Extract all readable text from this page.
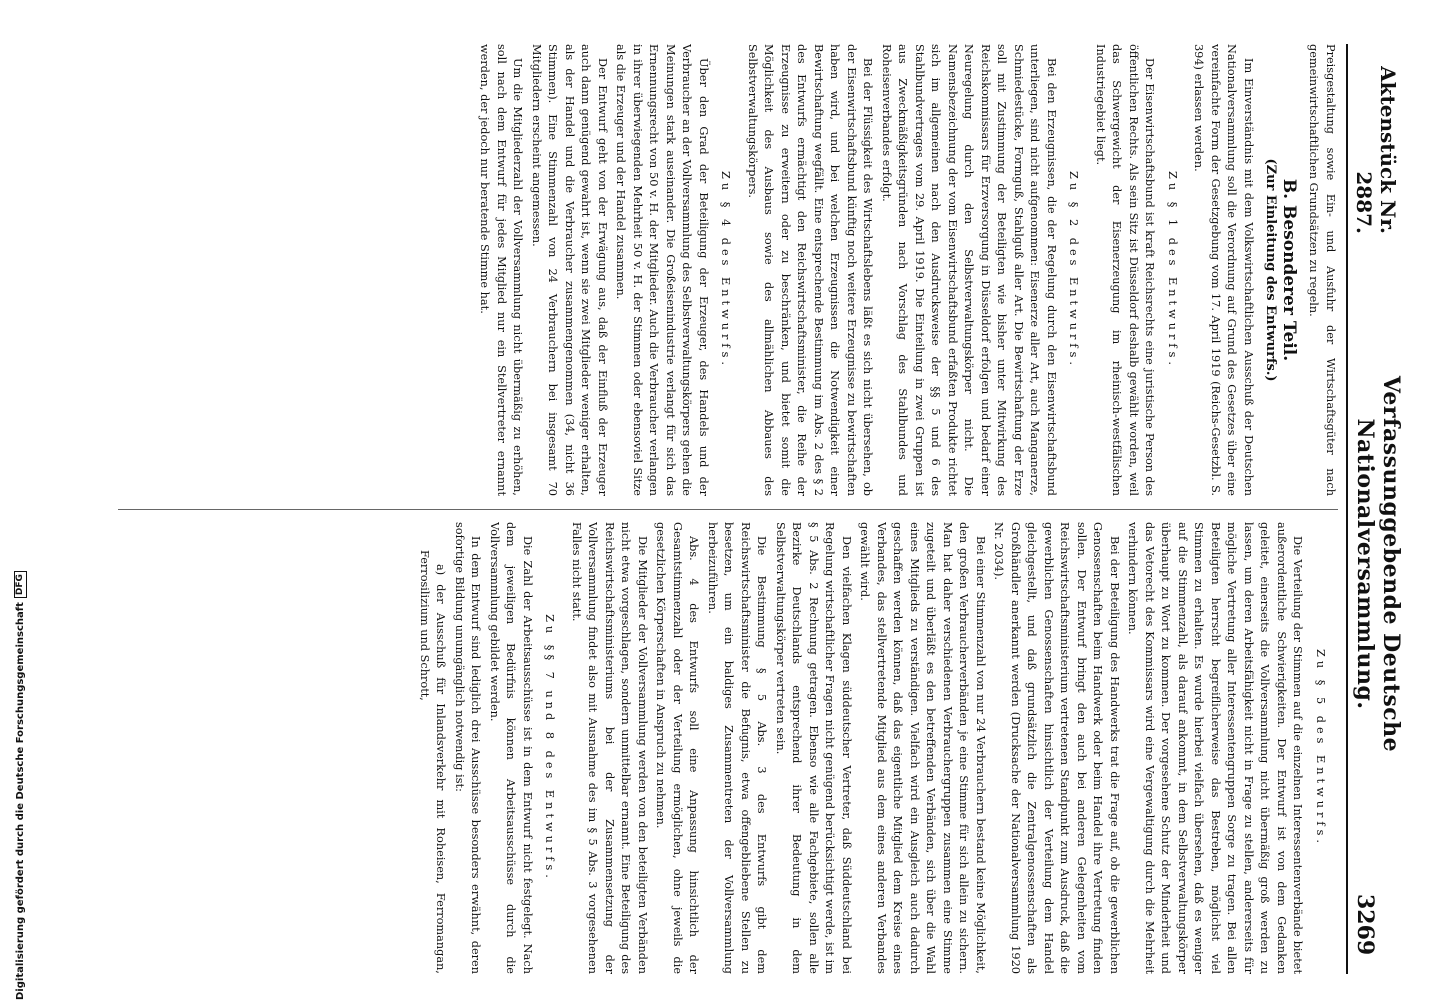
Aktenstück Nr. 2887.
Verfassunggebende Deutsche Nationalversammlung.
3269

Preisgestaltung sowie Ein- und Ausfuhr der Wirtschaftsgüter nach gemeinwirtschaftlichen Grundsätzen zu regeln.

B. Besonderer Teil.
(Zur Einleitung des Entwurfs.)

Im Einverständnis mit dem Volkswirtschaftlichen Ausschuß der Deutschen Nationalversammlung soll die Verordnung auf Grund des Gesetzes über eine vereinfachte Form der Gesetzgebung vom 17. April 1919 (Reichs-Gesetzbl. S. 394) erlassen werden.

Zu § 1 des Entwurfs.

Der Eisenwirtschaftsbund ist kraft Reichsrechts eine juristische Person des öffentlichen Rechts. Als sein Sitz ist Düsseldorf deshalb gewählt worden, weil das Schwergewicht der Eisenerzeugung im rheinisch-westfälischen Industriegebiet liegt.

Zu § 2 des Entwurfs.

Bei den Erzeugnissen, die der Regelung durch den Eisenwirtschaftsbund unterliegen, sind nicht aufgenommen: Eisenerze aller Art, auch Manganerze, Schmiedestücke, Formguß, Stahlguß aller Art. Die Bewirtschaftung der Erze soll mit Zustimmung der Beteiligten wie bisher unter Mitwirkung des Reichskommissars für Erzversorgung in Düsseldorf erfolgen und bedarf einer Neuregelung durch den Selbstverwaltungskörper nicht. Die Namensbezeichnung der vom Eisenwirtschaftsbund erfaßten Produkte richtet sich im allgemeinen nach den Ausdrucksweise der §§ 5 und 6 des Stahlbundvertrages vom 29. April 1919. Die Einteilung in zwei Gruppen ist aus Zweckmäßigkeitsgründen nach Vorschlag des Stahlbundes und Roheisenverbandes erfolgt.

Bei der Flüssigkeit des Wirtschaftslebens läßt es sich nicht übersehen, ob der Eisenwirtschaftsbund künftig noch weitere Erzeugnisse zu bewirtschaften haben wird, und bei welchen Erzeugnissen die Notwendigkeit einer Bewirtschaftung wegfällt. Eine entsprechende Bestimmung im Abs. 2 des § 2 des Entwurfs ermächtigt den Reichswirtschaftsminister, die Reihe der Erzeugnisse zu erweitern oder zu beschränken, und bietet somit die Möglichkeit des Ausbaus sowie des allmählichen Abbaues des Selbstverwaltungskörpers.

Zu § 4 des Entwurfs.

Über den Grad der Beteiligung der Erzeuger, des Handels und der Verbraucher an der Vollversammlung des Selbstverwaltungskörpers gehen die Meinungen stark auseinander. Die Großeisenindustrie verlangt für sich das Ernennungsrecht von 50 v. H. der Mitglieder. Auch die Verbraucher verlangen in ihrer überwiegenden Mehrheit 50 v. H. der Stimmen oder ebensoviel Sitze als die Erzeuger und der Handel zusammen.

Der Entwurf geht von der Erwägung aus, daß der Einfluß der Erzeuger auch dann genügend gewahrt ist, wenn sie zwei Mitglieder weniger erhalten, als der Handel und die Verbraucher zusammengenommen (34, nicht 36 Stimmen). Eine Stimmenzahl von 24 Verbrauchern bei insgesamt 70 Mitgliedern erscheint angemessen.

Um die Mitgliederzahl der Vollversammlung nicht übermäßig zu erhöhen, soll nach dem Entwurf für jedes Mitglied nur ein Stellvertreter ernannt werden, der jedoch nur beratende Stimme hat.

Zu § 5 des Entwurfs.

Die Verteilung der Stimmen auf die einzelnen Interessentenverbände bietet außerordentliche Schwierigkeiten. Der Entwurf ist von dem Gedanken geleitet, einerseits die Vollversammlung nicht übermäßig groß werden zu lassen, um deren Arbeitsfähigkeit nicht in Frage zu stellen, andererseits für mögliche Vertretung aller Interessentengruppen Sorge zu tragen. Bei allen Beteiligten herrscht begreiflicherweise das Bestreben, möglichst viel Stimmen zu erhalten. Es wurde hierbei vielfach übersehen, daß es weniger auf die Stimmenzahl, als darauf ankommt, in dem Selbstverwaltungskörper überhaupt zu Wort zu kommen. Der vorgesehene Schutz der Minderheit und das Vetorecht des Kommissars wird eine Vergewaltigung durch die Mehrheit verhindern können.

Bei der Beteiligung des Handwerks trat die Frage auf, ob die gewerblichen Genossenschaften beim Handwerk oder beim Handel ihre Vertretung finden sollen. Der Entwurf bringt den auch bei anderen Gelegenheiten vom Reichswirtschaftsministerium vertretenen Standpunkt zum Ausdruck, daß die gewerblichen Genossenschaften hinsichtlich der Verteilung dem Handel gleichgestellt, und daß grundsätzlich die Zentralgenossenschaften als Großhändler anerkannt werden (Drucksache der Nationalversammlung 1920 Nr. 2034).

Bei einer Stimmenzahl von nur 24 Verbrauchern bestand keine Möglichkeit, den großen Verbraucherverbänden je eine Stimme für sich allein zu sichern. Man hat daher verschiedenen Verbrauchergruppen zusammen eine Stimme zugeteilt und überläßt es den betreffenden Verbänden, sich über die Wahl eines Mitglieds zu verständigen. Vielfach wird ein Ausgleich auch dadurch geschaffen werden können, daß das eigentliche Mitglied dem Kreise eines Verbandes, das stellvertretende Mitglied aus dem eines anderen Verbandes gewählt wird.

Den vielfachen Klagen süddeutscher Vertreter, daß Süddeutschland bei Regelung wirtschaftlicher Fragen nicht genügend berücksichtigt werde, ist im § 5 Abs. 2 Rechnung getragen. Ebenso wie alle Fachgebiete, sollen alle Bezirke Deutschlands entsprechend ihrer Bedeutung in dem Selbstverwaltungskörper vertreten sein.

Die Bestimmung § 5 Abs. 3 des Entwurfs gibt dem Reichswirtschaftsminister die Befugnis, etwa offengebliebene Stellen zu besetzen, um ein baldiges Zusammentreten der Vollversammlung herbeizuführen.

Abs. 4 des Entwurfs soll eine Anpassung hinsichtlich der Gesamtstimmenzahl oder der Verteilung ermöglichen, ohne jeweils die gesetzlichen Körperschaften in Anspruch zu nehmen.

Die Mitglieder der Vollversammlung werden von den beteiligten Verbänden nicht etwa vorgeschlagen, sondern unmittelbar ernannt. Eine Beteiligung des Reichswirtschaftsministeriums bei der Zusammensetzung der Vollversammlung findet also mit Ausnahme des im § 5 Abs. 3 vorgesehenen Falles nicht statt.

Zu §§ 7 und 8 des Entwurfs.

Die Zahl der Arbeitsausschüsse ist in dem Entwurf nicht festgelegt. Nach dem jeweiligen Bedürfnis können Arbeitsausschüsse durch die Vollversammlung gebildet werden.

In dem Entwurf sind lediglich drei Ausschüsse besonders erwähnt, deren sofortige Bildung unumgänglich notwendig ist:

a) der Ausschuß für Inlandsverkehr mit Roheisen, Ferromangan, Ferrosilizium und Schrott,

Digitalisierung gefördert durch die Deutsche Forschungsgemeinschaft
DFG
